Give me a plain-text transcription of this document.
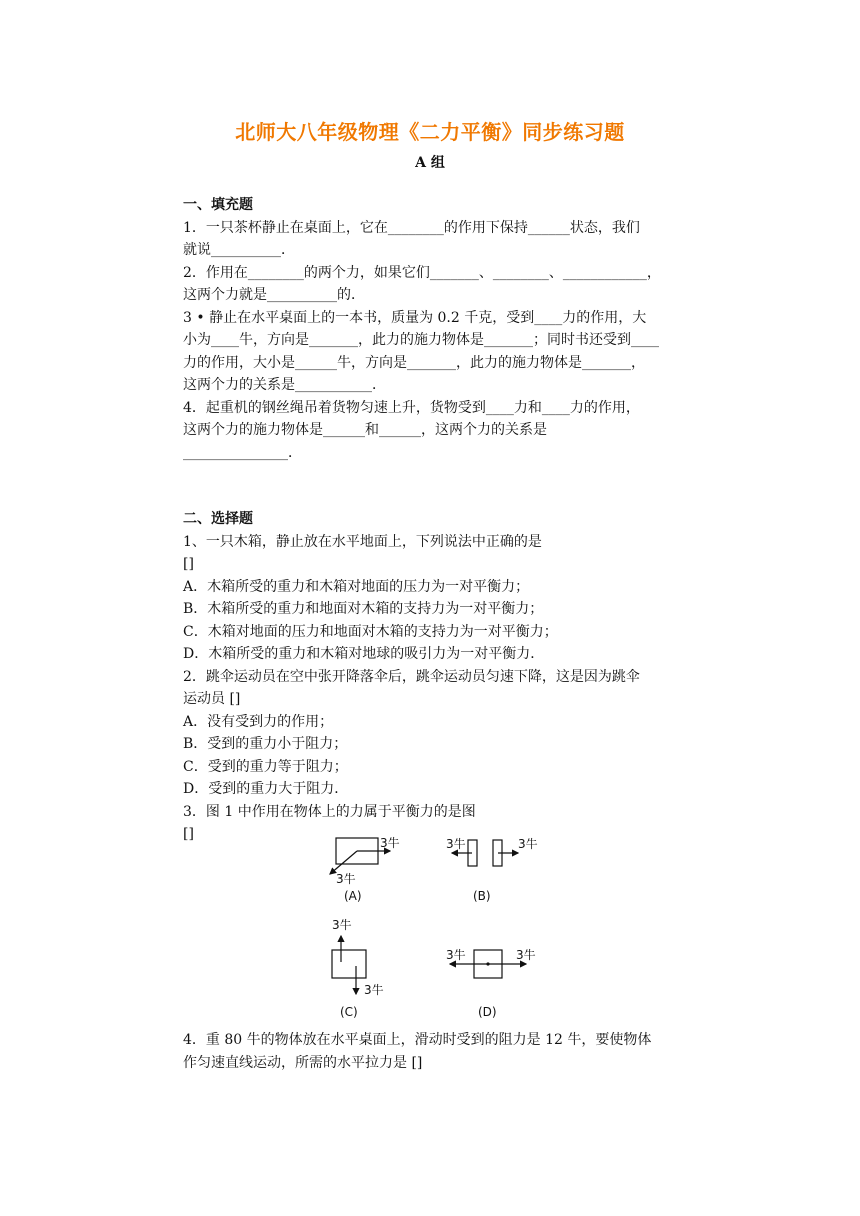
北师大八年级物理《二力平衡》同步练习题
A 组
一、填充题
1．一只茶杯静止在桌面上，它在________的作用下保持______状态，我们
就说__________．
2．作用在________的两个力，如果它们_______、________、____________，
这两个力就是__________的．
3 • 静止在水平桌面上的一本书，质量为 0.2 千克，受到____力的作用，大
小为____牛，方向是_______，此力的施力物体是_______；同时书还受到____
力的作用，大小是______牛，方向是_______，此力的施力物体是_______，
这两个力的关系是___________．
4．起重机的钢丝绳吊着货物匀速上升，货物受到____力和____力的作用，
这两个力的施力物体是______和______，这两个力的关系是
_______________．
二、选择题
1、一只木箱，静止放在水平地面上，下列说法中正确的是
[]
A．木箱所受的重力和木箱对地面的压力为一对平衡力；
B．木箱所受的重力和地面对木箱的支持力为一对平衡力；
C．木箱对地面的压力和地面对木箱的支持力为一对平衡力；
D．木箱所受的重力和木箱对地球的吸引力为一对平衡力．
2．跳伞运动员在空中张开降落伞后，跳伞运动员匀速下降，这是因为跳伞
运动员 []
A．没有受到力的作用；
B．受到的重力小于阻力；
C．受到的重力等于阻力；
D．受到的重力大于阻力．
3．图 1 中作用在物体上的力属于平衡力的是图
[]
3牛
3牛
(A)
3牛	3牛
(B)
3牛
3牛
(C)
3牛	3牛
(D)
4．重 80 牛的物体放在水平桌面上，滑动时受到的阻力是 12 牛，要使物体
作匀速直线运动，所需的水平拉力是 []
